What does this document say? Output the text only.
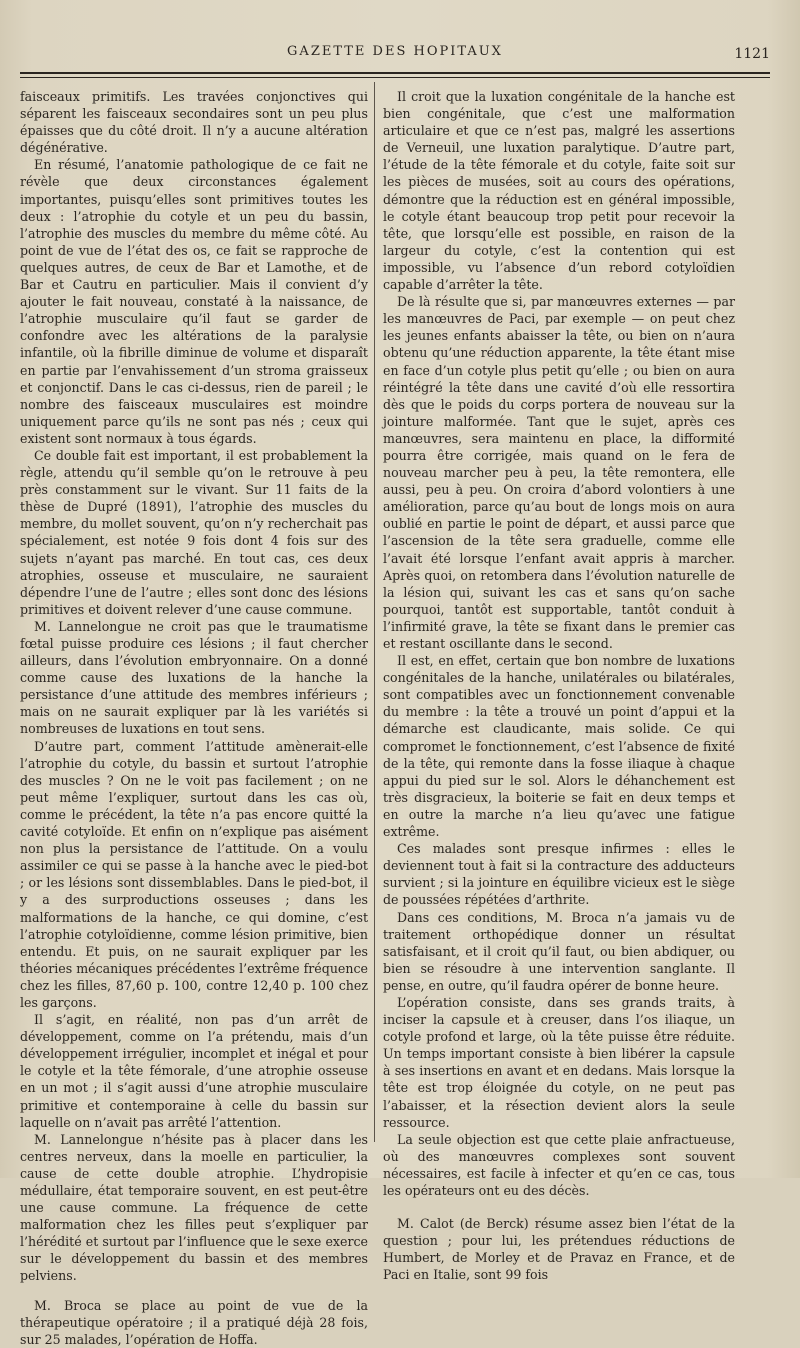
GAZETTE DES HOPITAUX	1121

faisceaux primitifs. Les travées conjonctives qui séparent les faisceaux secondaires sont un peu plus épaisses que du côté droit. Il n’y a aucune altération dégénérative.

En résumé, l’anatomie pathologique de ce fait ne révèle que deux circonstances également importantes, puisqu’elles sont primitives toutes les deux : l’atrophie du cotyle et un peu du bassin, l’atrophie des muscles du membre du même côté. Au point de vue de l’état des os, ce fait se rapproche de quelques autres, de ceux de Bar et Lamothe, et de Bar et Cautru en particulier. Mais il convient d’y ajouter le fait nouveau, constaté à la naissance, de l’atrophie musculaire qu’il faut se garder de confondre avec les altérations de la paralysie infantile, où la fibrille diminue de volume et disparaît en partie par l’envahissement d’un stroma graisseux et conjonctif. Dans le cas ci-dessus, rien de pareil ; le nombre des faisceaux musculaires est moindre uniquement parce qu’ils ne sont pas nés ; ceux qui existent sont normaux à tous égards.

Ce double fait est important, il est probablement la règle, attendu qu’il semble qu’on le retrouve à peu près constamment sur le vivant. Sur 11 faits de la thèse de Dupré (1891), l’atrophie des muscles du membre, du mollet souvent, qu’on n’y recherchait pas spécialement, est notée 9 fois dont 4 fois sur des sujets n’ayant pas marché. En tout cas, ces deux atrophies, osseuse et musculaire, ne sauraient dépendre l’une de l’autre ; elles sont donc des lésions primitives et doivent relever d’une cause commune.

M. Lannelongue ne croit pas que le traumatisme fœtal puisse produire ces lésions ; il faut chercher ailleurs, dans l’évolution embryonnaire. On a donné comme cause des luxations de la hanche la persistance d’une attitude des membres inférieurs ; mais on ne saurait expliquer par là les variétés si nombreuses de luxations en tout sens.

D’autre part, comment l’attitude amènerait-elle l’atrophie du cotyle, du bassin et surtout l’atrophie des muscles ? On ne le voit pas facilement ; on ne peut même l’expliquer, surtout dans les cas où, comme le précédent, la tête n’a pas encore quitté la cavité cotyloïde. Et enfin on n’explique pas aisément non plus la persistance de l’attitude. On a voulu assimiler ce qui se passe à la hanche avec le pied-bot ; or les lésions sont dissemblables. Dans le pied-bot, il y a des surproductions osseuses ; dans les malformations de la hanche, ce qui domine, c’est l’atrophie cotyloïdienne, comme lésion primitive, bien entendu. Et puis, on ne saurait expliquer par les théories mécaniques précédentes l’extrême fréquence chez les filles, 87,60 p. 100, contre 12,40 p. 100 chez les garçons.

Il s’agit, en réalité, non pas d’un arrêt de développement, comme on l’a prétendu, mais d’un développement irrégulier, incomplet et inégal et pour le cotyle et la tête fémorale, d’une atrophie osseuse en un mot ; il s’agit aussi d’une atrophie musculaire primitive et contemporaine à celle du bassin sur laquelle on n’avait pas arrêté l’attention.

M. Lannelongue n’hésite pas à placer dans les centres nerveux, dans la moelle en particulier, la cause de cette double atrophie. L’hydropisie médullaire, état temporaire souvent, en est peut-être une cause commune. La fréquence de cette malformation chez les filles peut s’expliquer par l’hérédité et surtout par l’influence que le sexe exerce sur le développement du bassin et des membres pelviens.

M. Broca se place au point de vue de la thérapeutique opératoire ; il a pratiqué déjà 28 fois, sur 25 malades, l’opération de Hoffa.

Il croit que la luxation congénitale de la hanche est bien congénitale, que c’est une malformation articulaire et que ce n’est pas, malgré les assertions de Verneuil, une luxation paralytique. D’autre part, l’étude de la tête fémorale et du cotyle, faite soit sur les pièces de musées, soit au cours des opérations, démontre que la réduction est en général impossible, le cotyle étant beaucoup trop petit pour recevoir la tête, que lorsqu’elle est possible, en raison de la largeur du cotyle, c’est la contention qui est impossible, vu l’absence d’un rebord cotyloïdien capable d’arrêter la tête.

De là résulte que si, par manœuvres externes — par les manœuvres de Paci, par exemple — on peut chez les jeunes enfants abaisser la tête, ou bien on n’aura obtenu qu’une réduction apparente, la tête étant mise en face d’un cotyle plus petit qu’elle ; ou bien on aura réintégré la tête dans une cavité d’où elle ressortira dès que le poids du corps portera de nouveau sur la jointure malformée. Tant que le sujet, après ces manœuvres, sera maintenu en place, la difformité pourra être corrigée, mais quand on le fera de nouveau marcher peu à peu, la tête remontera, elle aussi, peu à peu. On croira d’abord volontiers à une amélioration, parce qu’au bout de longs mois on aura oublié en partie le point de départ, et aussi parce que l’ascension de la tête sera graduelle, comme elle l’avait été lorsque l’enfant avait appris à marcher. Après quoi, on retombera dans l’évolution naturelle de la lésion qui, suivant les cas et sans qu’on sache pourquoi, tantôt est supportable, tantôt conduit à l’infirmité grave, la tête se fixant dans le premier cas et restant oscillante dans le second.

Il est, en effet, certain que bon nombre de luxations congénitales de la hanche, unilatérales ou bilatérales, sont compatibles avec un fonctionnement convenable du membre : la tête a trouvé un point d’appui et la démarche est claudicante, mais solide. Ce qui compromet le fonctionnement, c’est l’absence de fixité de la tête, qui remonte dans la fosse iliaque à chaque appui du pied sur le sol. Alors le déhanchement est très disgracieux, la boiterie se fait en deux temps et en outre la marche n’a lieu qu’avec une fatigue extrême.

Ces malades sont presque infirmes : elles le deviennent tout à fait si la contracture des adducteurs survient ; si la jointure en équilibre vicieux est le siège de poussées répétées d’arthrite.

Dans ces conditions, M. Broca n’a jamais vu de traitement orthopédique donner un résultat satisfaisant, et il croit qu’il faut, ou bien abdiquer, ou bien se résoudre à une intervention sanglante. Il pense, en outre, qu’il faudra opérer de bonne heure.

L’opération consiste, dans ses grands traits, à inciser la capsule et à creuser, dans l’os iliaque, un cotyle profond et large, où la tête puisse être réduite. Un temps important consiste à bien libérer la capsule à ses insertions en avant et en dedans. Mais lorsque la tête est trop éloignée du cotyle, on ne peut pas l’abaisser, et la résection devient alors la seule ressource.

La seule objection est que cette plaie anfractueuse, où des manœuvres complexes sont souvent nécessaires, est facile à infecter et qu’en ce cas, tous les opérateurs ont eu des décès.

M. Calot (de Berck) résume assez bien l’état de la question ; pour lui, les prétendues réductions de Humbert, de Morley et de Pravaz en France, et de Paci en Italie, sont 99 fois
